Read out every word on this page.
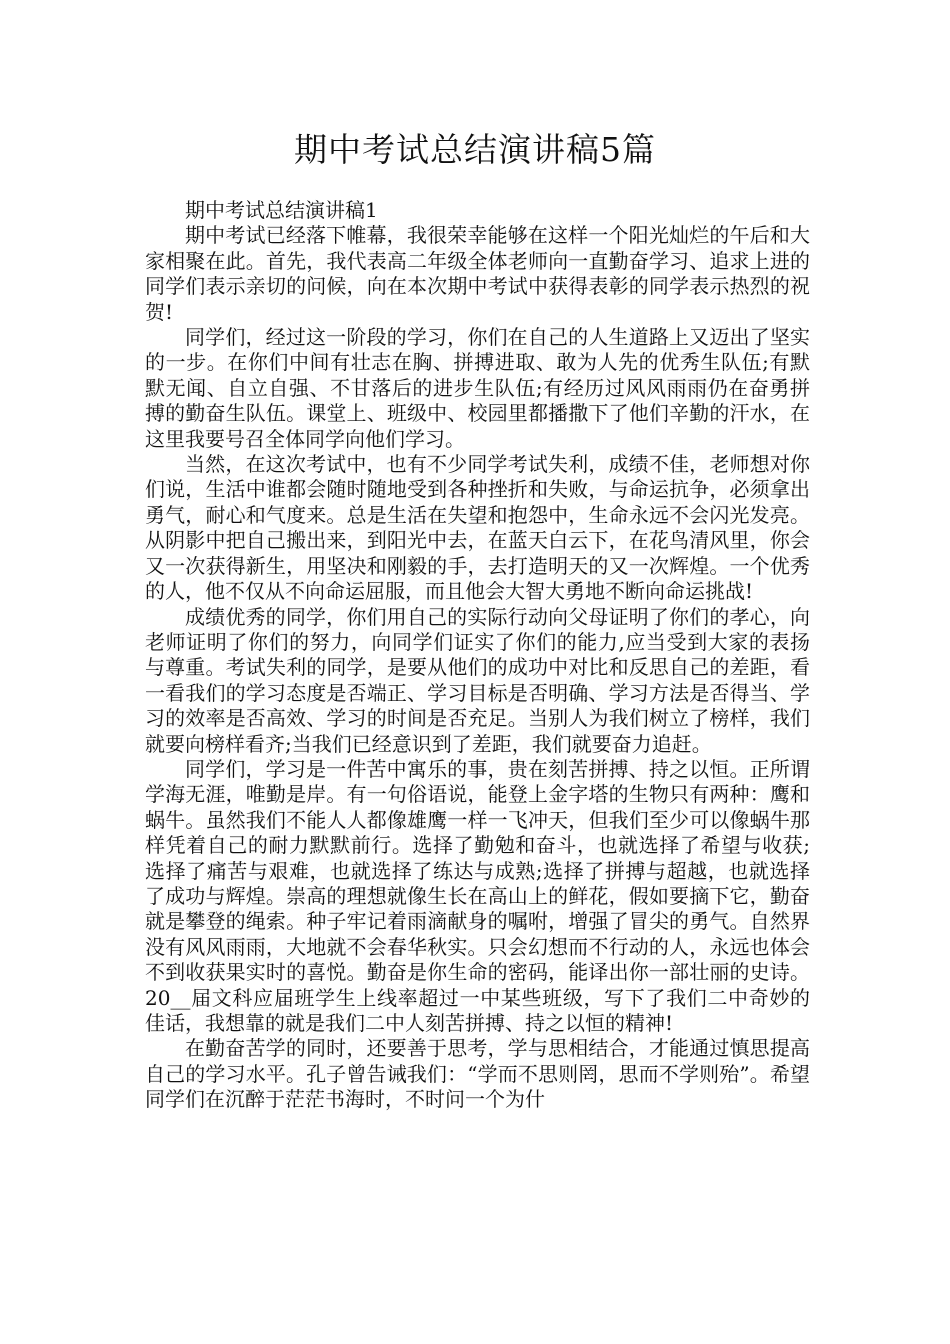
期中考试总结演讲稿5篇

期中考试总结演讲稿1

期中考试已经落下帷幕，我很荣幸能够在这样一个阳光灿烂的午后和大家相聚在此。首先，我代表高二年级全体老师向一直勤奋学习、追求上进的同学们表示亲切的问候，向在本次期中考试中获得表彰的同学表示热烈的祝贺!

同学们，经过这一阶段的学习，你们在自己的人生道路上又迈出了坚实的一步。在你们中间有壮志在胸、拼搏进取、敢为人先的优秀生队伍;有默默无闻、自立自强、不甘落后的进步生队伍;有经历过风风雨雨仍在奋勇拼搏的勤奋生队伍。课堂上、班级中、校园里都播撒下了他们辛勤的汗水，在这里我要号召全体同学向他们学习。

当然，在这次考试中，也有不少同学考试失利，成绩不佳，老师想对你们说，生活中谁都会随时随地受到各种挫折和失败，与命运抗争，必须拿出勇气，耐心和气度来。总是生活在失望和抱怨中，生命永远不会闪光发亮。从阴影中把自己搬出来，到阳光中去，在蓝天白云下，在花鸟清风里，你会又一次获得新生，用坚决和刚毅的手，去打造明天的又一次辉煌。一个优秀的人，他不仅从不向命运屈服，而且他会大智大勇地不断向命运挑战!

成绩优秀的同学，你们用自己的实际行动向父母证明了你们的孝心，向老师证明了你们的努力，向同学们证实了你们的能力,应当受到大家的表扬与尊重。考试失利的同学，是要从他们的成功中对比和反思自己的差距，看一看我们的学习态度是否端正、学习目标是否明确、学习方法是否得当、学习的效率是否高效、学习的时间是否充足。当别人为我们树立了榜样，我们就要向榜样看齐;当我们已经意识到了差距，我们就要奋力追赶。

同学们，学习是一件苦中寓乐的事，贵在刻苦拼搏、持之以恒。正所谓学海无涯，唯勤是岸。有一句俗语说，能登上金字塔的生物只有两种：鹰和蜗牛。虽然我们不能人人都像雄鹰一样一飞冲天，但我们至少可以像蜗牛那样凭着自己的耐力默默前行。选择了勤勉和奋斗，也就选择了希望与收获;选择了痛苦与艰难，也就选择了练达与成熟;选择了拼搏与超越，也就选择了成功与辉煌。崇高的理想就像生长在高山上的鲜花，假如要摘下它，勤奋就是攀登的绳索。种子牢记着雨滴献身的嘱咐，增强了冒尖的勇气。自然界没有风风雨雨，大地就不会春华秋实。只会幻想而不行动的人，永远也体会不到收获果实时的喜悦。勤奋是你生命的密码，能译出你一部壮丽的史诗。20__届文科应届班学生上线率超过一中某些班级，写下了我们二中奇妙的佳话，我想靠的就是我们二中人刻苦拼搏、持之以恒的精神!

在勤奋苦学的同时，还要善于思考，学与思相结合，才能通过慎思提高自己的学习水平。孔子曾告诫我们：“学而不思则罔，思而不学则殆”。希望同学们在沉醉于茫茫书海时，不时问一个为什
